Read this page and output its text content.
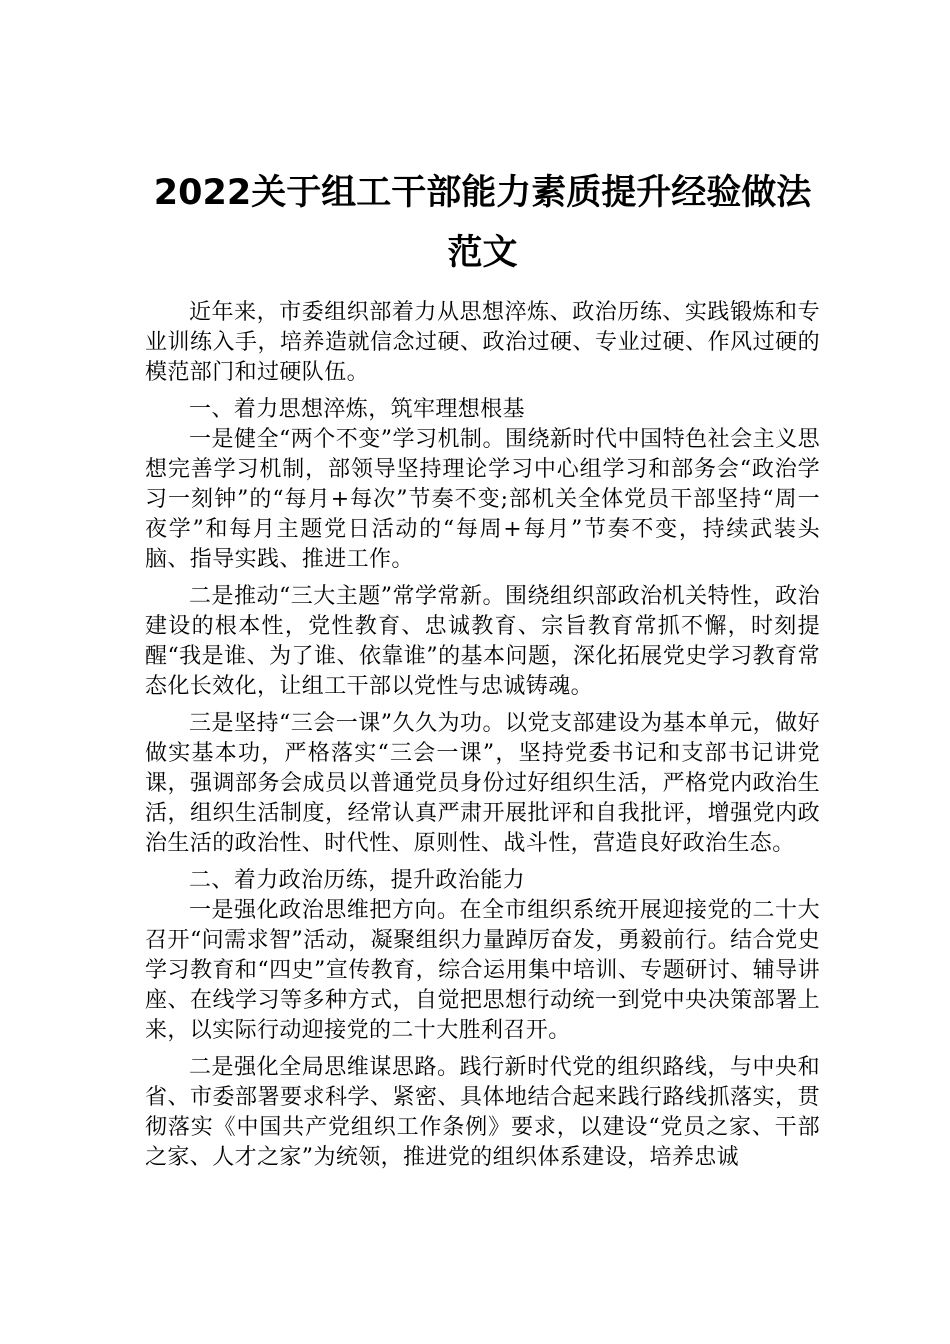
2022关于组工干部能力素质提升经验做法
范文

近年来，市委组织部着力从思想淬炼、政治历练、实践锻炼和专业训练入手，培养造就信念过硬、政治过硬、专业过硬、作风过硬的模范部门和过硬队伍。

一、着力思想淬炼，筑牢理想根基

一是健全“两个不变”学习机制。围绕新时代中国特色社会主义思想完善学习机制，部领导坚持理论学习中心组学习和部务会“政治学习一刻钟”的“每月+每次”节奏不变;部机关全体党员干部坚持“周一夜学”和每月主题党日活动的“每周+每月”节奏不变，持续武装头脑、指导实践、推进工作。

二是推动“三大主题”常学常新。围绕组织部政治机关特性，政治建设的根本性，党性教育、忠诚教育、宗旨教育常抓不懈，时刻提醒“我是谁、为了谁、依靠谁”的基本问题，深化拓展党史学习教育常态化长效化，让组工干部以党性与忠诚铸魂。

三是坚持“三会一课”久久为功。以党支部建设为基本单元，做好做实基本功，严格落实“三会一课”，坚持党委书记和支部书记讲党课，强调部务会成员以普通党员身份过好组织生活，严格党内政治生活，组织生活制度，经常认真严肃开展批评和自我批评，增强党内政治生活的政治性、时代性、原则性、战斗性，营造良好政治生态。

二、着力政治历练，提升政治能力

一是强化政治思维把方向。在全市组织系统开展迎接党的二十大召开“问需求智”活动，凝聚组织力量踔厉奋发，勇毅前行。结合党史学习教育和“四史”宣传教育，综合运用集中培训、专题研讨、辅导讲座、在线学习等多种方式，自觉把思想行动统一到党中央决策部署上来，以实际行动迎接党的二十大胜利召开。

二是强化全局思维谋思路。践行新时代党的组织路线，与中央和省、市委部署要求科学、紧密、具体地结合起来践行路线抓落实，贯彻落实《中国共产党组织工作条例》要求，以建设“党员之家、干部之家、人才之家”为统领，推进党的组织体系建设，培养忠诚
